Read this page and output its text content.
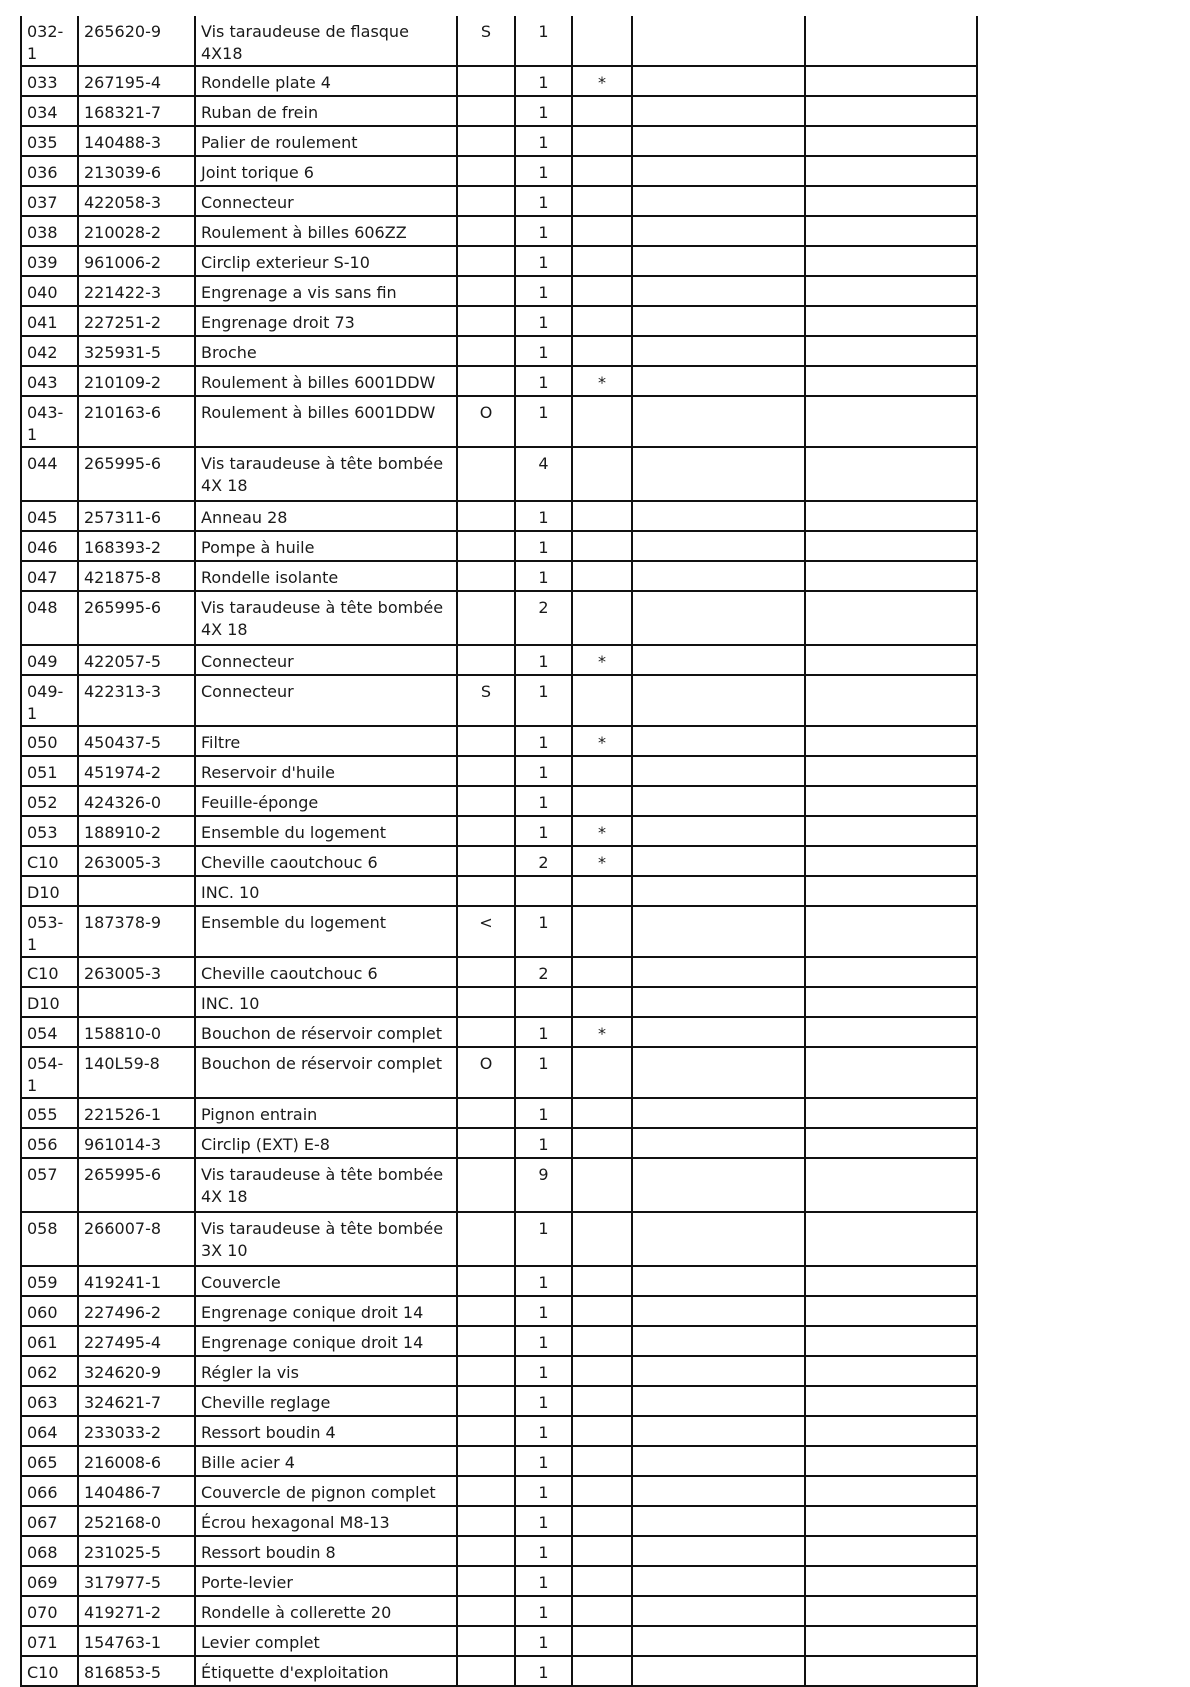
032-1	265620-9	Vis taraudeuse de flasque 4X18	S	1			
033	267195-4	Rondelle plate 4		1	*		
034	168321-7	Ruban de frein		1			
035	140488-3	Palier de roulement		1			
036	213039-6	Joint torique 6		1			
037	422058-3	Connecteur		1			
038	210028-2	Roulement à billes 606ZZ		1			
039	961006-2	Circlip exterieur S-10		1			
040	221422-3	Engrenage a vis sans fin		1			
041	227251-2	Engrenage droit 73		1			
042	325931-5	Broche		1			
043	210109-2	Roulement à billes 6001DDW		1	*		
043-1	210163-6	Roulement à billes 6001DDW	O	1			
044	265995-6	Vis taraudeuse à tête bombée 4X 18		4			
045	257311-6	Anneau 28		1			
046	168393-2	Pompe à huile		1			
047	421875-8	Rondelle isolante		1			
048	265995-6	Vis taraudeuse à tête bombée 4X 18		2			
049	422057-5	Connecteur		1	*		
049-1	422313-3	Connecteur	S	1			
050	450437-5	Filtre		1	*		
051	451974-2	Reservoir d'huile		1			
052	424326-0	Feuille-éponge		1			
053	188910-2	Ensemble du logement		1	*		
C10	263005-3	Cheville caoutchouc 6		2	*		
D10		INC. 10					
053-1	187378-9	Ensemble du logement	<	1			
C10	263005-3	Cheville caoutchouc 6		2			
D10		INC. 10					
054	158810-0	Bouchon de réservoir complet		1	*		
054-1	140L59-8	Bouchon de réservoir complet	O	1			
055	221526-1	Pignon entrain		1			
056	961014-3	Circlip (EXT) E-8		1			
057	265995-6	Vis taraudeuse à tête bombée 4X 18		9			
058	266007-8	Vis taraudeuse à tête bombée 3X 10		1			
059	419241-1	Couvercle		1			
060	227496-2	Engrenage conique droit 14		1			
061	227495-4	Engrenage conique droit 14		1			
062	324620-9	Régler la vis		1			
063	324621-7	Cheville reglage		1			
064	233033-2	Ressort boudin 4		1			
065	216008-6	Bille acier 4		1			
066	140486-7	Couvercle de pignon complet		1			
067	252168-0	Écrou hexagonal M8-13		1			
068	231025-5	Ressort boudin 8		1			
069	317977-5	Porte-levier		1			
070	419271-2	Rondelle à collerette 20		1			
071	154763-1	Levier complet		1			
C10	816853-5	Étiquette d'exploitation		1			
